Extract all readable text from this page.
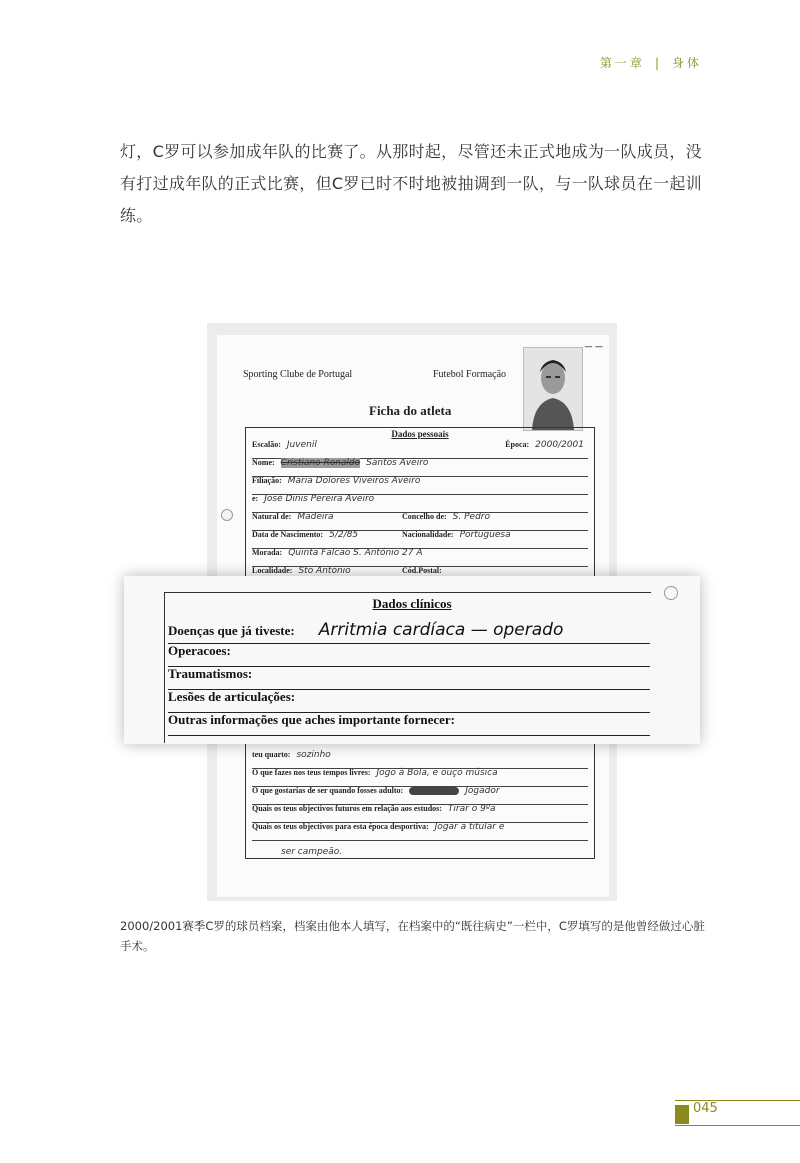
第一章 | 身体

灯，C罗可以参加成年队的比赛了。从那时起，尽管还未正式地成为一队成员，没有打过成年队的正式比赛，但C罗已时不时地被抽调到一队，与一队球员在一起训练。

– –
Sporting Clube de Portugal	Futebol Formação
Ficha do atleta
Dados pessoais
Escalão: Juvenil	Época: 2000/2001
Nome: Cristiano Ronaldo Santos Aveiro
Filiação: Maria Dolores Viveiros Aveiro
e: José Dinis Pereira Aveiro
Natural de: Madeira	Concelho de: S. Pedro
Data de Nascimento: 5/2/85	Nacionalidade: Portuguesa
Morada: Quinta Falcão S. António 27 A
Localidade: Sto António	Cód.Postal:
teu quarto: sozinho
O que fazes nos teus tempos livres: Jogo à Bola, e ouço música
O que gostarias de ser quando fosses adulto:	Jogador
Quais os teus objectivos futuros em relação aos estudos: Tirar o 9ºa
Quais os teus objectivos para esta época desportiva: Jogar a titular e
ser campeão.
Dados clínicos
Doenças que já tiveste: Arritmia cardíaca — operado
Operacoes:
Traumatismos:
Lesões de articulações:
Outras informações que aches importante fornecer:

2000/2001赛季C罗的球员档案，档案由他本人填写，在档案中的“既往病史”一栏中，C罗填写的是他曾经做过心脏手术。

045
